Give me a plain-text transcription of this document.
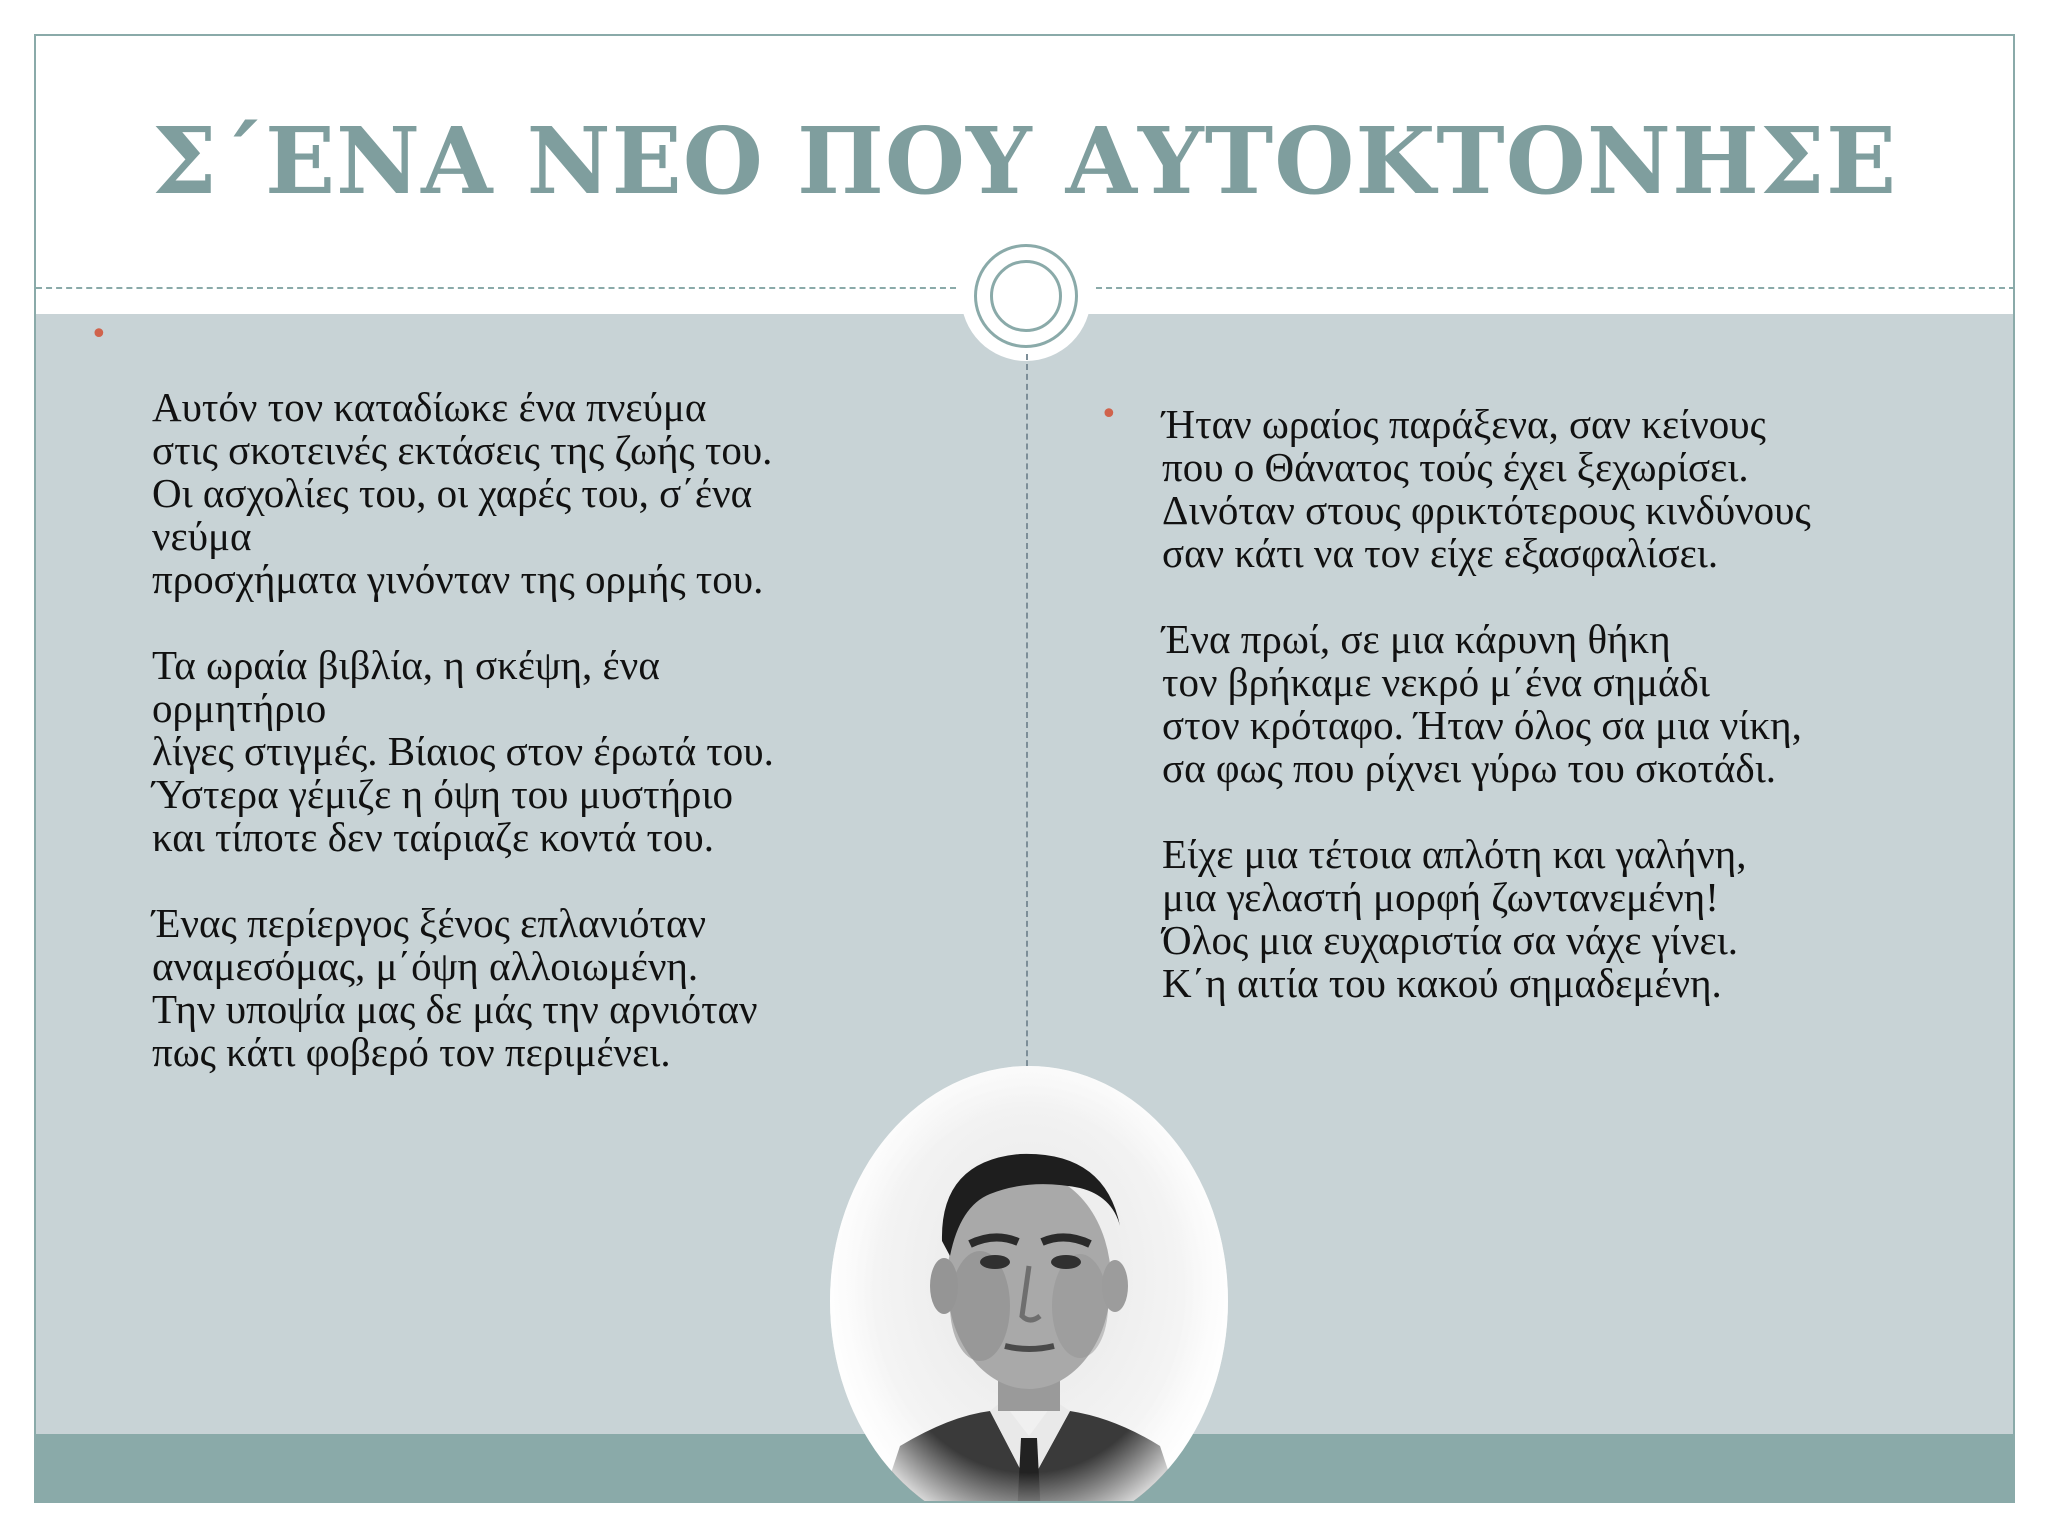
Σ΄ΕΝΑ ΝΕΟ ΠΟΥ ΑΥΤΟΚΤΟΝΗΣΕ
•

Αυτόν τον καταδίωκε ένα πνεύμα
στις σκοτεινές εκτάσεις της ζωής του.
Οι ασχολίες του, οι χαρές του, σ΄ένα
νεύμα
προσχήματα γινόνταν της ορμής του.

Τα ωραία βιβλία, η σκέψη, ένα
ορμητήριο
λίγες στιγμές. Βίαιος στον έρωτά του.
Ύστερα γέμιζε η όψη του μυστήριο
και τίποτε δεν ταίριαζε κοντά του.

Ένας περίεργος ξένος επλανιόταν
αναμεσόμας, μ΄όψη αλλοιωμένη.
Την υποψία μας δε μάς την αρνιόταν
πως κάτι φοβερό τον περιμένει.

• Ήταν ωραίος παράξενα, σαν κείνους
που ο Θάνατος τούς έχει ξεχωρίσει.
Δινόταν στους φρικτότερους κινδύνους
σαν κάτι να τον είχε εξασφαλίσει.

Ένα πρωί, σε μια κάρυνη θήκη
τον βρήκαμε νεκρό μ΄ένα σημάδι
στον κρόταφο. Ήταν όλος σα μια νίκη,
σα φως που ρίχνει γύρω του σκοτάδι.

Είχε μια τέτοια απλότη και γαλήνη,
μια γελαστή μορφή ζωντανεμένη!
Όλος μια ευχαριστία σα νάχε γίνει.
Κ΄η αιτία του κακού σημαδεμένη.
